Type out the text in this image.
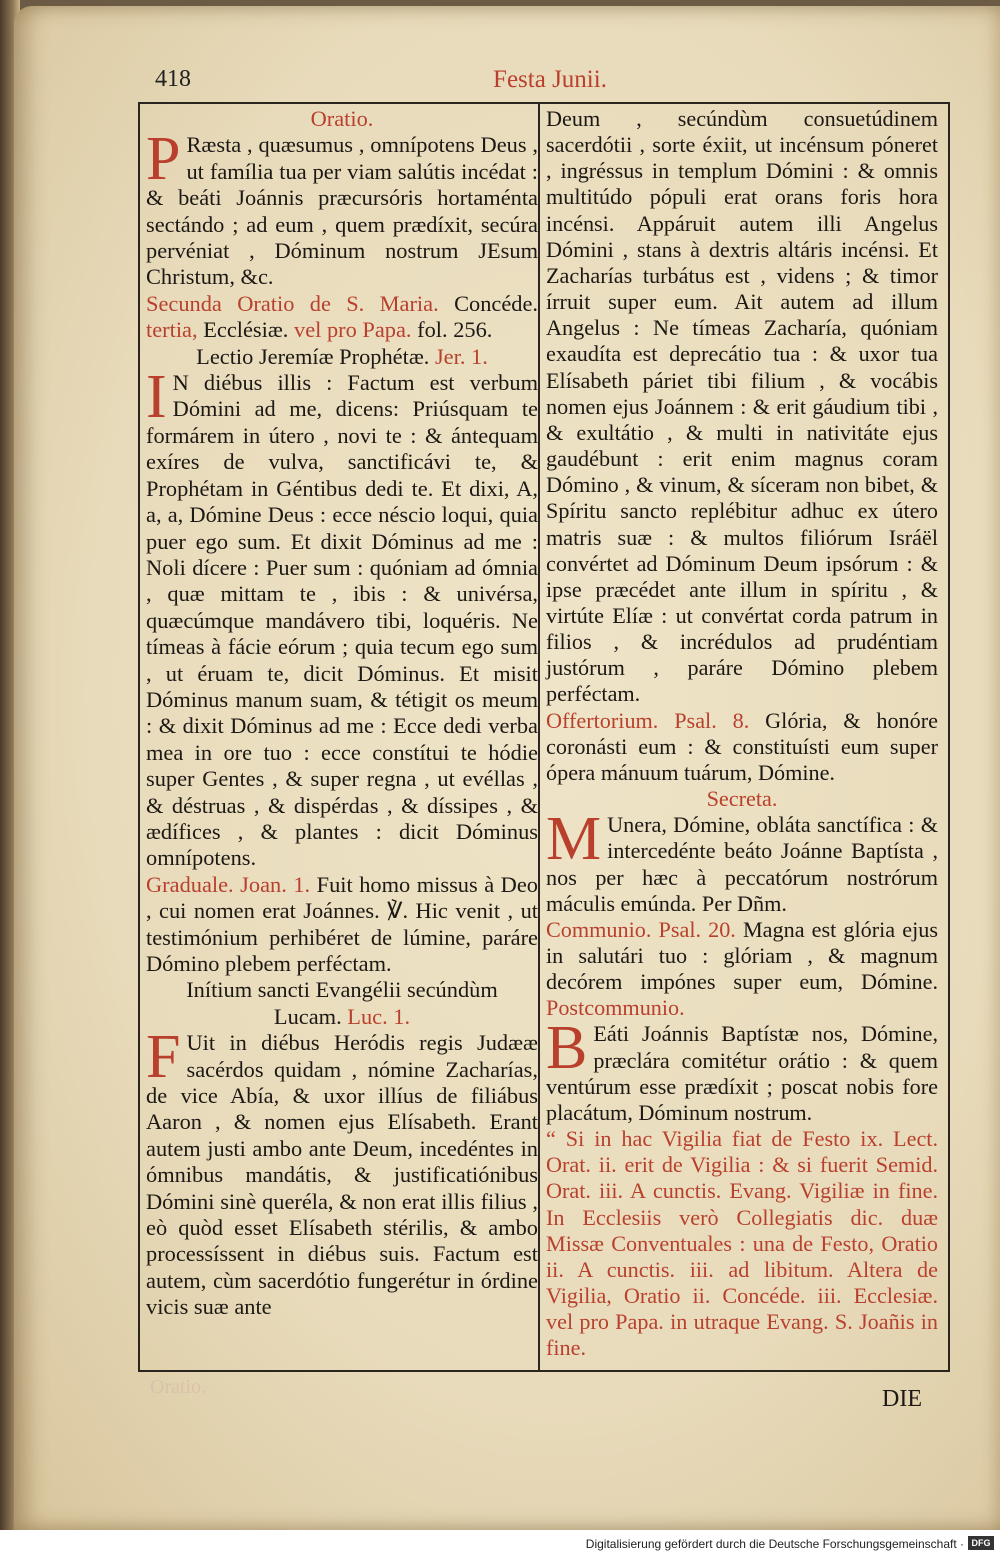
418	Festa Junii.
Oratio.

P Ræsta , quæsumus , omnípotens Deus , ut família tua per viam salútis incédat : & beáti Joánnis præcursóris hortaménta sectándo ; ad eum , quem prædíxit, secúra pervéniat , Dóminum nostrum JEsum Christum, &c.

Secunda Oratio de S. Maria. Concéde. tertia, Ecclésiæ. vel pro Papa. fol. 256.

Lectio Jeremíæ Prophétæ. Jer. 1.

I N diébus illis : Factum est verbum Dómini ad me, dicens: Priúsquam te formárem in útero , novi te : & ántequam exíres de vulva, sanctificávi te, & Prophétam in Géntibus dedi te. Et dixi, A, a, a, Dómine Deus : ecce néscio loqui, quia puer ego sum. Et dixit Dóminus ad me : Noli dícere : Puer sum : quóniam ad ómnia , quæ mittam te , ibis : & univérsa, quæcúmque mandávero tibi, loquéris. Ne tímeas à fácie eórum ; quia tecum ego sum , ut éruam te, dicit Dóminus. Et misit Dóminus manum suam, & tétigit os meum : & dixit Dóminus ad me : Ecce dedi verba mea in ore tuo : ecce constítui te hódie super Gentes , & super regna , ut evéllas , & déstruas , & dispérdas , & díssipes , & ædífices , & plantes : dicit Dóminus omnípotens.

Graduale. Joan. 1. Fuit homo missus à Deo , cui nomen erat Joánnes. ℣. Hic venit , ut testimónium perhibéret de lúmine, paráre Dómino plebem perféctam.

Inítium sancti Evangélii secúndùm
Lucam. Luc. 1.

F Uit in diébus Heródis regis Judææ sacérdos quidam , nómine Zacharías, de vice Abía, & uxor illíus de filiábus Aaron , & nomen ejus Elísabeth. Erant autem justi ambo ante Deum, incedéntes in ómnibus mandátis, & justificatiónibus Dómini sinè queréla, & non erat illis filius , eò quòd esset Elísabeth stérilis, & ambo processíssent in diébus suis. Factum est autem, cùm sacerdótio fungerétur in órdine vicis suæ ante

Deum , secúndùm consuetúdinem sacerdótii , sorte éxiit, ut incénsum póneret , ingréssus in templum Dómini : & omnis multitúdo pópuli erat orans foris hora incénsi. Appáruit autem illi Angelus Dómini , stans à dextris altáris incénsi. Et Zacharías turbátus est , videns ; & timor írruit super eum. Ait autem ad illum Angelus : Ne tímeas Zacharía, quóniam exaudíta est deprecátio tua : & uxor tua Elísabeth páriet tibi filium , & vocábis nomen ejus Joánnem : & erit gáudium tibi , & exultátio , & multi in nativitáte ejus gaudébunt : erit enim magnus coram Dómino , & vinum, & síceram non bibet, & Spíritu sancto replébitur adhuc ex útero matris suæ : & multos filiórum Isráël convértet ad Dóminum Deum ipsórum : & ipse præcédet ante illum in spíritu , & virtúte Elíæ : ut convértat corda patrum in filios , & incrédulos ad prudéntiam justórum , paráre Dómino plebem perféctam.

Offertorium. Psal. 8. Glória, & honóre coronásti eum : & constituísti eum super ópera mánuum tuárum, Dómine.

Secreta.

M Unera, Dómine, obláta sanctífica : & intercedénte beáto Joánne Baptísta , nos per hæc à peccatórum nostrórum máculis emúnda. Per Dñm.

Communio. Psal. 20. Magna est glória ejus in salutári tuo : glóriam , & magnum decórem impónes super eum, Dómine. Postcommunio.

B Eáti Joánnis Baptístæ nos, Dómine, præclára comitétur orátio : & quem ventúrum esse prædíxit ; poscat nobis fore placátum, Dóminum nostrum.

“ Si in hac Vigilia fiat de Festo ix. Lect. Orat. ii. erit de Vigilia : & si fuerit Semid. Orat. iii. A cunctis. Evang. Vigiliæ in fine. In Ecclesiis verò Collegiatis dic. duæ Missæ Conventuales : una de Festo, Oratio ii. A cunctis. iii. ad libitum. Altera de Vigilia, Oratio ii. Concéde. iii. Ecclesiæ. vel pro Papa. in utraque Evang. S. Joañis in fine.

Oratio.	DIE
Digitalisierung gefördert durch die Deutsche Forschungsgemeinschaft · DFG
